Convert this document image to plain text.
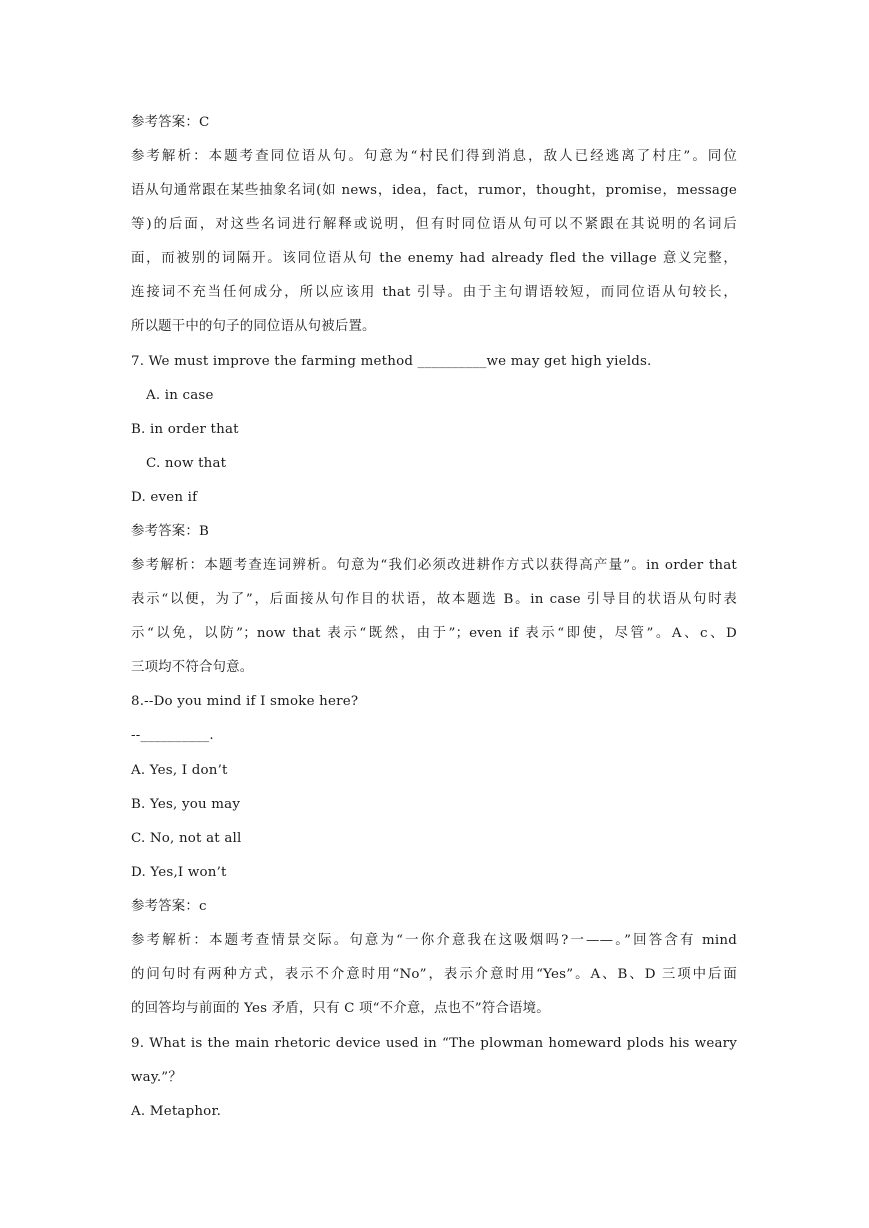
参考答案：C
参考解析：本题考查同位语从句。句意为“村民们得到消息，敌人已经逃离了村庄”。同位
语从句通常跟在某些抽象名词(如 news，idea，fact，rumor，thought，promise，message
等)的后面，对这些名词进行解释或说明，但有时同位语从句可以不紧跟在其说明的名词后
面，而被别的词隔开。该同位语从句 the enemy had already fled the village 意义完整，
连接词不充当任何成分，所以应该用 that 引导。由于主句谓语较短，而同位语从句较长，
所以题干中的句子的同位语从句被后置。
7. We must improve the farming method __________we may get high yields.
A. in case
B. in order that
C. now that
D. even if
参考答案：B
参考解析：本题考查连词辨析。句意为“我们必须改进耕作方式以获得高产量”。in order that
表示“以便，为了”，后面接从句作目的状语，故本题选 B。in case 引导目的状语从句时表
示“以免，以防”；now that 表示“既然，由于”；even if 表示“即使，尽管”。A、c、D
三项均不符合句意。
8.--Do you mind if I smoke here?
--__________.
A. Yes, I don’t
B. Yes, you may
C. No, not at all
D. Yes,I won’t
参考答案：c
参考解析：本题考查情景交际。句意为“一你介意我在这吸烟吗?一——。”回答含有 mind
的问句时有两种方式，表示不介意时用“No”，表示介意时用“Yes”。A、B、D 三项中后面
的回答均与前面的 Yes 矛盾，只有 C 项“不介意，点也不”符合语境。
9. What is the main rhetoric device used in “The plowman homeward plods his weary
way.”？
A. Metaphor.
